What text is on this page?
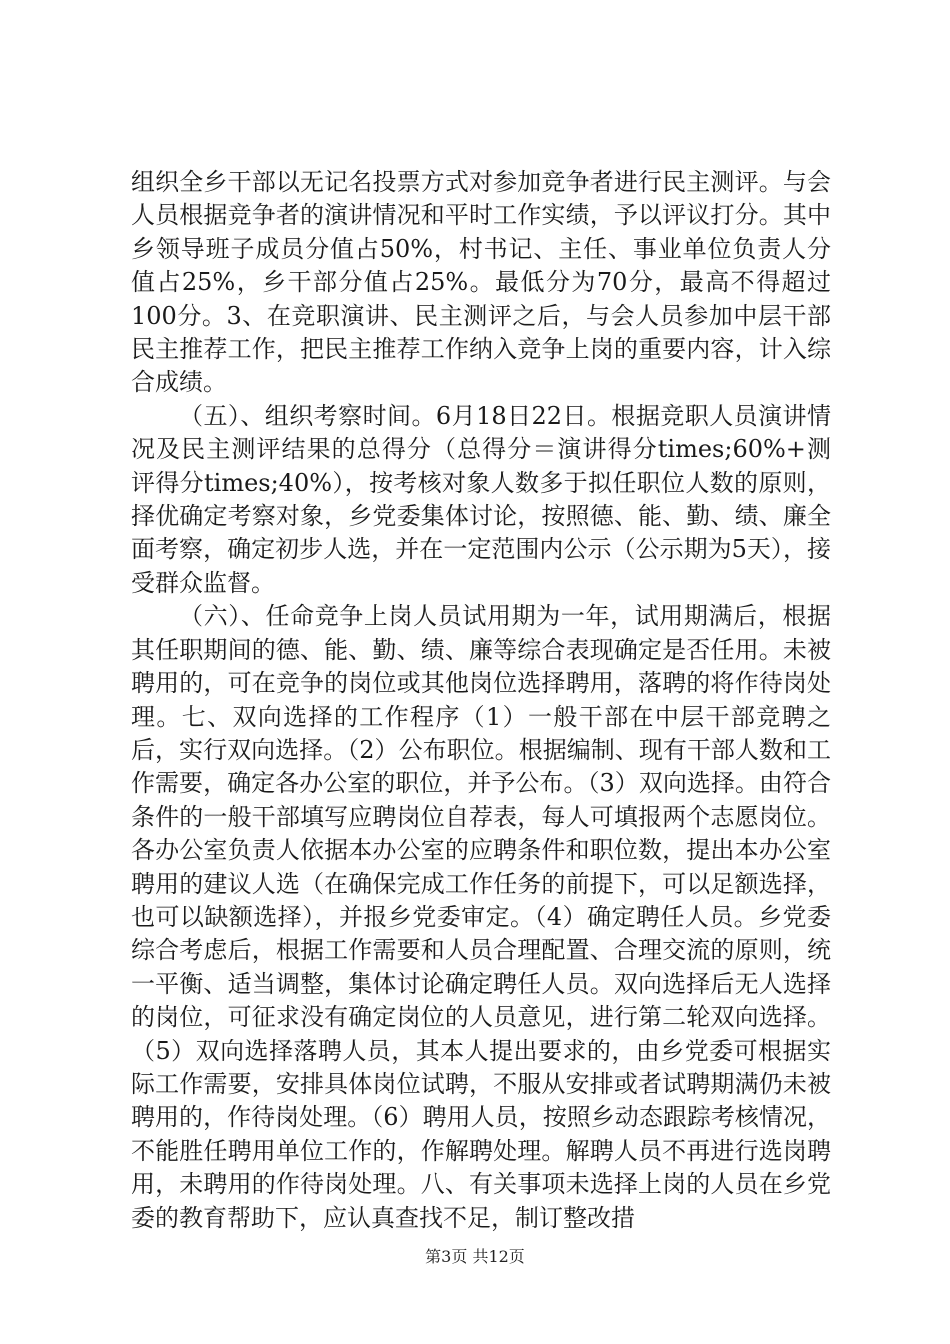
组织全乡干部以无记名投票方式对参加竞争者进行民主测评。与会人员根据竞争者的演讲情况和平时工作实绩，予以评议打分。其中乡领导班子成员分值占50%，村书记、主任、事业单位负责人分值占25%，乡干部分值占25%。最低分为70分，最高不得超过100分。3、在竞职演讲、民主测评之后，与会人员参加中层干部民主推荐工作，把民主推荐工作纳入竞争上岗的重要内容，计入综合成绩。

（五）、组织考察时间。6月18日22日。根据竞职人员演讲情况及民主测评结果的总得分（总得分＝演讲得分times;60%+测评得分times;40%），按考核对象人数多于拟任职位人数的原则，择优确定考察对象，乡党委集体讨论，按照德、能、勤、绩、廉全面考察，确定初步人选，并在一定范围内公示（公示期为5天），接受群众监督。

（六）、任命竞争上岗人员试用期为一年，试用期满后，根据其任职期间的德、能、勤、绩、廉等综合表现确定是否任用。未被聘用的，可在竞争的岗位或其他岗位选择聘用，落聘的将作待岗处理。七、双向选择的工作程序（1）一般干部在中层干部竞聘之后，实行双向选择。（2）公布职位。根据编制、现有干部人数和工作需要，确定各办公室的职位，并予公布。（3）双向选择。由符合条件的一般干部填写应聘岗位自荐表，每人可填报两个志愿岗位。各办公室负责人依据本办公室的应聘条件和职位数，提出本办公室聘用的建议人选（在确保完成工作任务的前提下，可以足额选择，也可以缺额选择），并报乡党委审定。（4）确定聘任人员。乡党委综合考虑后，根据工作需要和人员合理配置、合理交流的原则，统一平衡、适当调整，集体讨论确定聘任人员。双向选择后无人选择的岗位，可征求没有确定岗位的人员意见，进行第二轮双向选择。（5）双向选择落聘人员，其本人提出要求的，由乡党委可根据实际工作需要，安排具体岗位试聘，不服从安排或者试聘期满仍未被聘用的，作待岗处理。（6）聘用人员，按照乡动态跟踪考核情况，不能胜任聘用单位工作的，作解聘处理。解聘人员不再进行选岗聘用，未聘用的作待岗处理。八、有关事项未选择上岗的人员在乡党委的教育帮助下，应认真查找不足，制订整改措

第3页 共12页
